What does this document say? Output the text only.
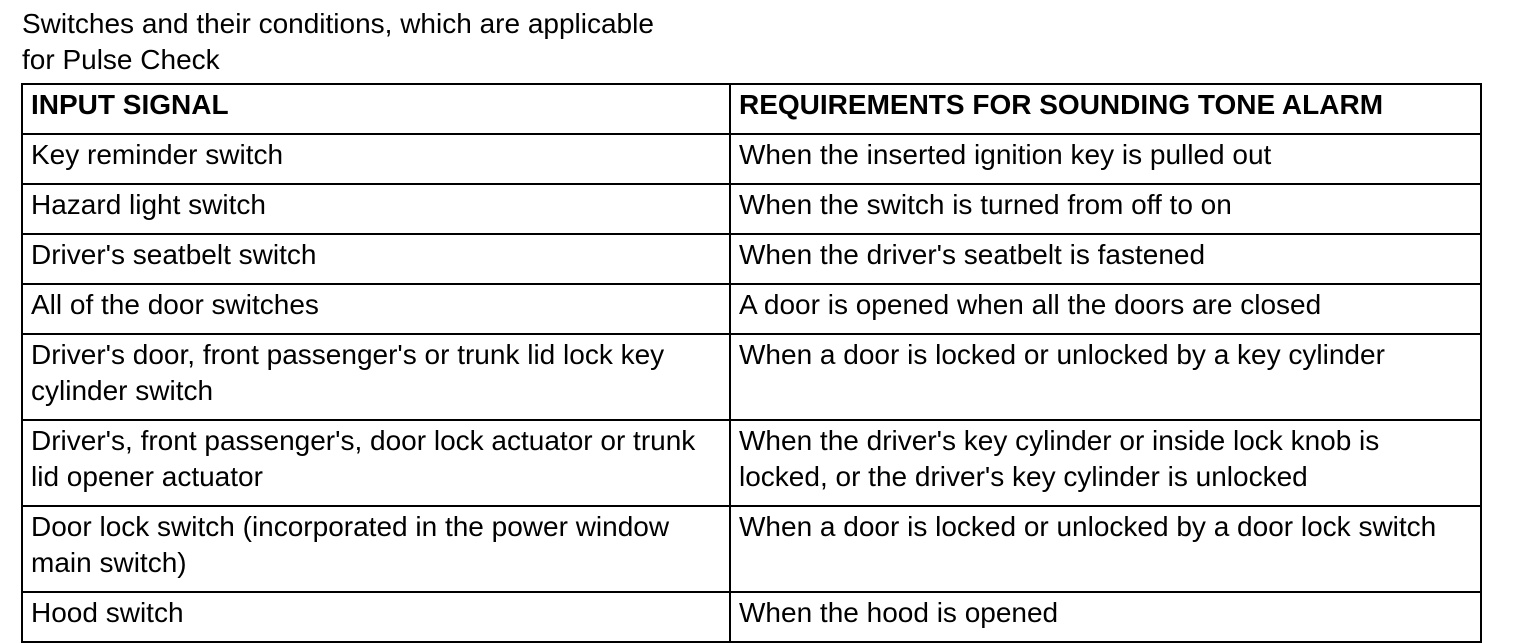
Switches and their conditions, which are applicable
for Pulse Check

INPUT SIGNAL	REQUIREMENTS FOR SOUNDING TONE ALARM
Key reminder switch	When the inserted ignition key is pulled out
Hazard light switch	When the switch is turned from off to on
Driver's seatbelt switch	When the driver's seatbelt is fastened
All of the door switches	A door is opened when all the doors are closed
Driver's door, front passenger's or trunk lid lock key cylinder switch	When a door is locked or unlocked by a key cylinder
Driver's, front passenger's, door lock actuator or trunk lid opener actuator	When the driver's key cylinder or inside lock knob is locked, or the driver's key cylinder is unlocked
Door lock switch (incorporated in the power window main switch)	When a door is locked or unlocked by a door lock switch
Hood switch	When the hood is opened
